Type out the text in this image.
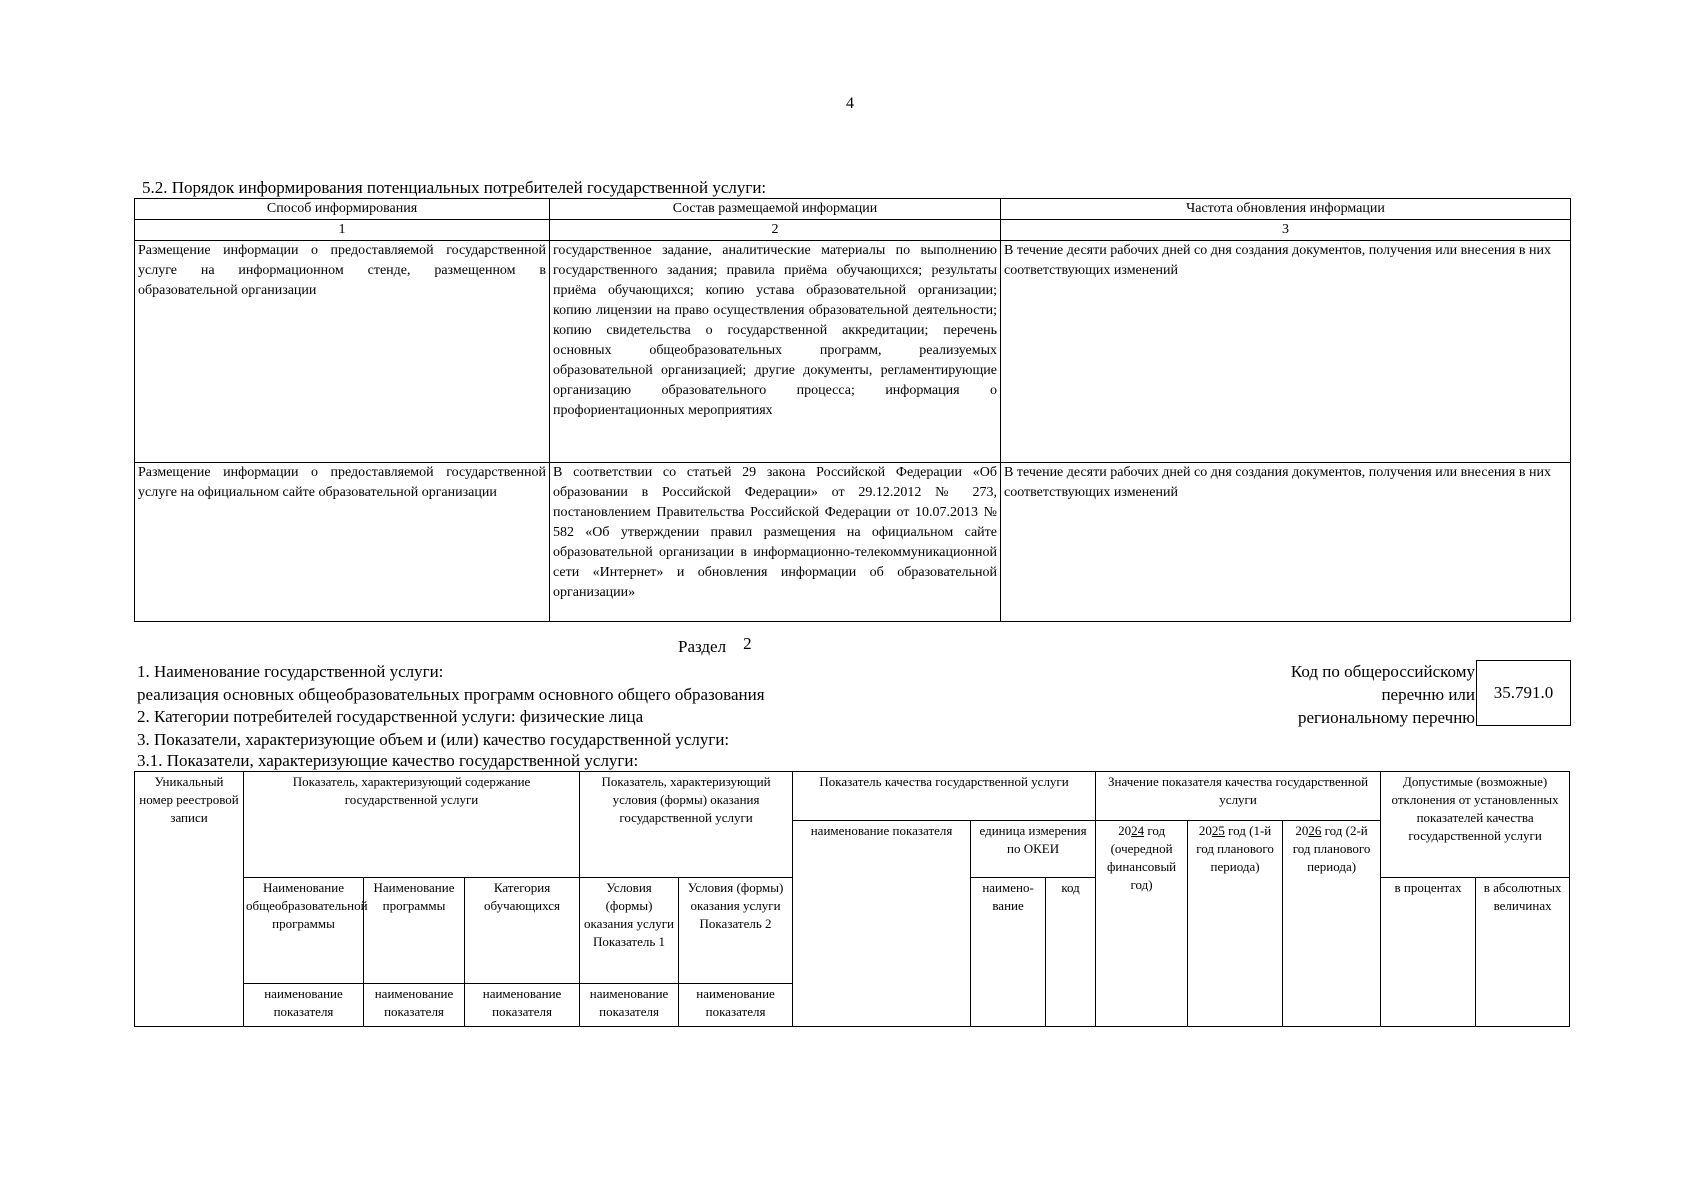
4
5.2. Порядок информирования потенциальных потребителей государственной услуги:
Способ информирования	Состав размещаемой информации	Частота обновления информации
1	2	3
Размещение информации о предоставляемой государственной услуге на информационном стенде, размещенном в образовательной организации	государственное задание, аналитические материалы по выполнению государственного задания; правила приёма обучающихся; результаты приёма обучающихся; копию устава образовательной организации; копию лицензии на право осуществления образовательной деятельности; копию свидетельства о государственной аккредитации; перечень основных общеобразовательных программ, реализуемых образовательной организацией; другие документы, регламентирующие организацию образовательного процесса; информация о профориентационных мероприятиях	В течение десяти рабочих дней со дня создания документов, получения или внесения в них соответствующих изменений
Размещение информации о предоставляемой государственной услуге на официальном сайте образовательной организации	В соответствии со статьей 29 закона Российской Федерации «Об образовании в Российской Федерации» от 29.12.2012 № 273, постановлением Правительства Российской Федерации от 10.07.2013 № 582 «Об утверждении правил размещения на официальном сайте образовательной организации в информационно-телекоммуникационной сети «Интернет» и обновления информации об образовательной организации»	В течение десяти рабочих дней со дня создания документов, получения или внесения в них соответствующих изменений
Раздел 2
1. Наименование государственной услуги:
реализация основных общеобразовательных программ основного общего образования
2. Категории потребителей государственной услуги: физические лица
3. Показатели, характеризующие объем и (или) качество государственной услуги:
3.1. Показатели, характеризующие качество государственной услуги:
Код по общероссийскому
перечню или
региональному перечню
35.791.0
Уникальный номер реестровой записи	Показатель, характеризующий содержание государственной услуги			Показатель, характеризующий условия (формы) оказания государственной услуги		Показатель качества государственной услуги			Значение показателя качества государственной услуги			Допустимые (возможные) отклонения от установленных показателей качества государственной услуги	
						наименование показателя	единица измерения по ОКЕИ		2024 год (очередной финансовый год)	2025 год (1-й год планового периода)	2026 год (2-й год планового периода)		
	Наименование общеобразовательной программы	Наименование программы	Категория обучающихся	Условия (формы) оказания услуги Показатель 1	Условия (формы) оказания услуги Показатель 2		наимено-вание	код				в процентах	в абсолютных величинах
	наименование показателя	наименование показателя	наименование показателя	наименование показателя	наименование показателя								
